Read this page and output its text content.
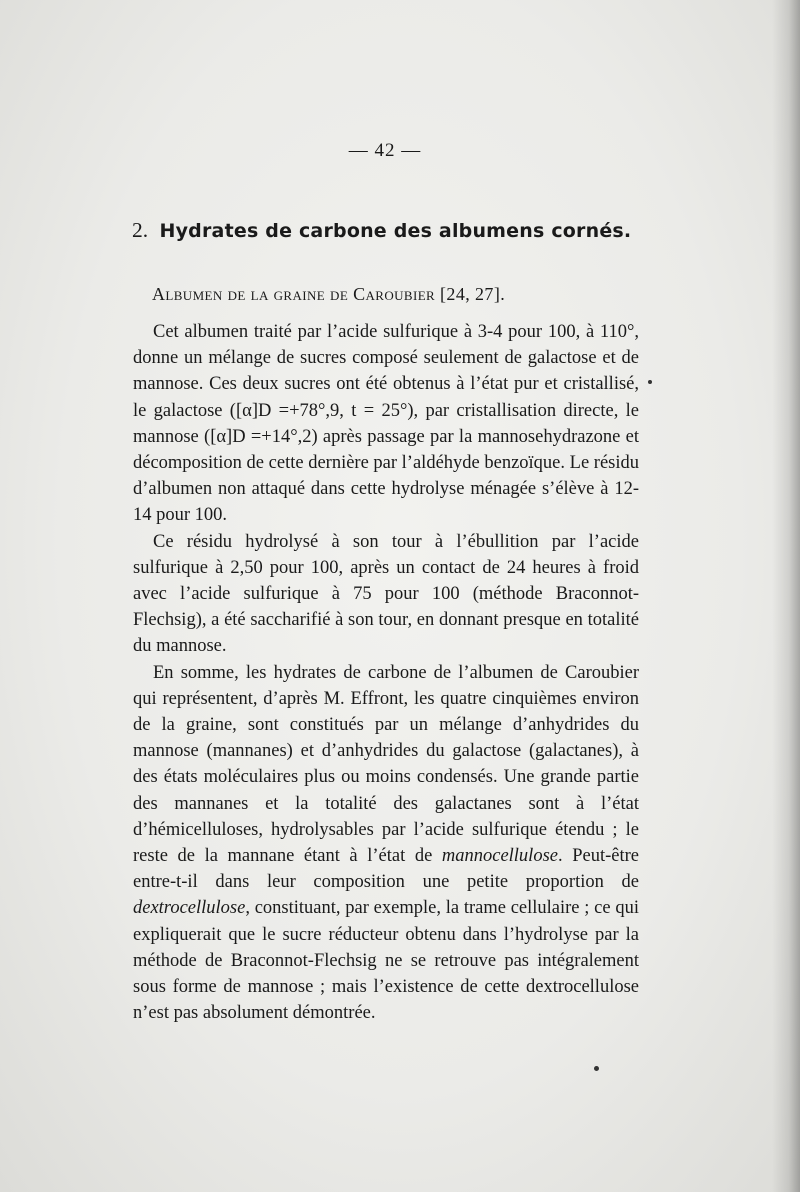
— 42 —
2. Hydrates de carbone des albumens cornés.
Albumen de la graine de Caroubier [24, 27].

Cet albumen traité par l’acide sulfurique à 3-4 pour 100, à 110°, donne un mélange de sucres composé seulement de galactose et de mannose. Ces deux sucres ont été obtenus à l’état pur et cristallisé, le galactose ([α]D =+78°,9, t = 25°), par cristallisation directe, le mannose ([α]D =+14°,2) après passage par la mannosehydrazone et décomposition de cette dernière par l’aldéhyde benzoïque. Le résidu d’albumen non attaqué dans cette hydrolyse ménagée s’élève à 12-14 pour 100.

Ce résidu hydrolysé à son tour à l’ébullition par l’acide sulfurique à 2,50 pour 100, après un contact de 24 heures à froid avec l’acide sulfurique à 75 pour 100 (méthode Braconnot-Flechsig), a été saccharifié à son tour, en donnant presque en totalité du mannose.

En somme, les hydrates de carbone de l’albumen de Caroubier qui représentent, d’après M. Effront, les quatre cinquièmes environ de la graine, sont constitués par un mélange d’anhydrides du mannose (mannanes) et d’anhydrides du galactose (galactanes), à des états moléculaires plus ou moins condensés. Une grande partie des mannanes et la totalité des galactanes sont à l’état d’hémicelluloses, hydrolysables par l’acide sulfurique étendu ; le reste de la mannane étant à l’état de mannocellulose. Peut-être entre-t-il dans leur composition une petite proportion de dextrocellulose, constituant, par exemple, la trame cellulaire ; ce qui expliquerait que le sucre réducteur obtenu dans l’hydrolyse par la méthode de Braconnot-Flechsig ne se retrouve pas intégralement sous forme de mannose ; mais l’existence de cette dextrocellulose n’est pas absolument démontrée.
